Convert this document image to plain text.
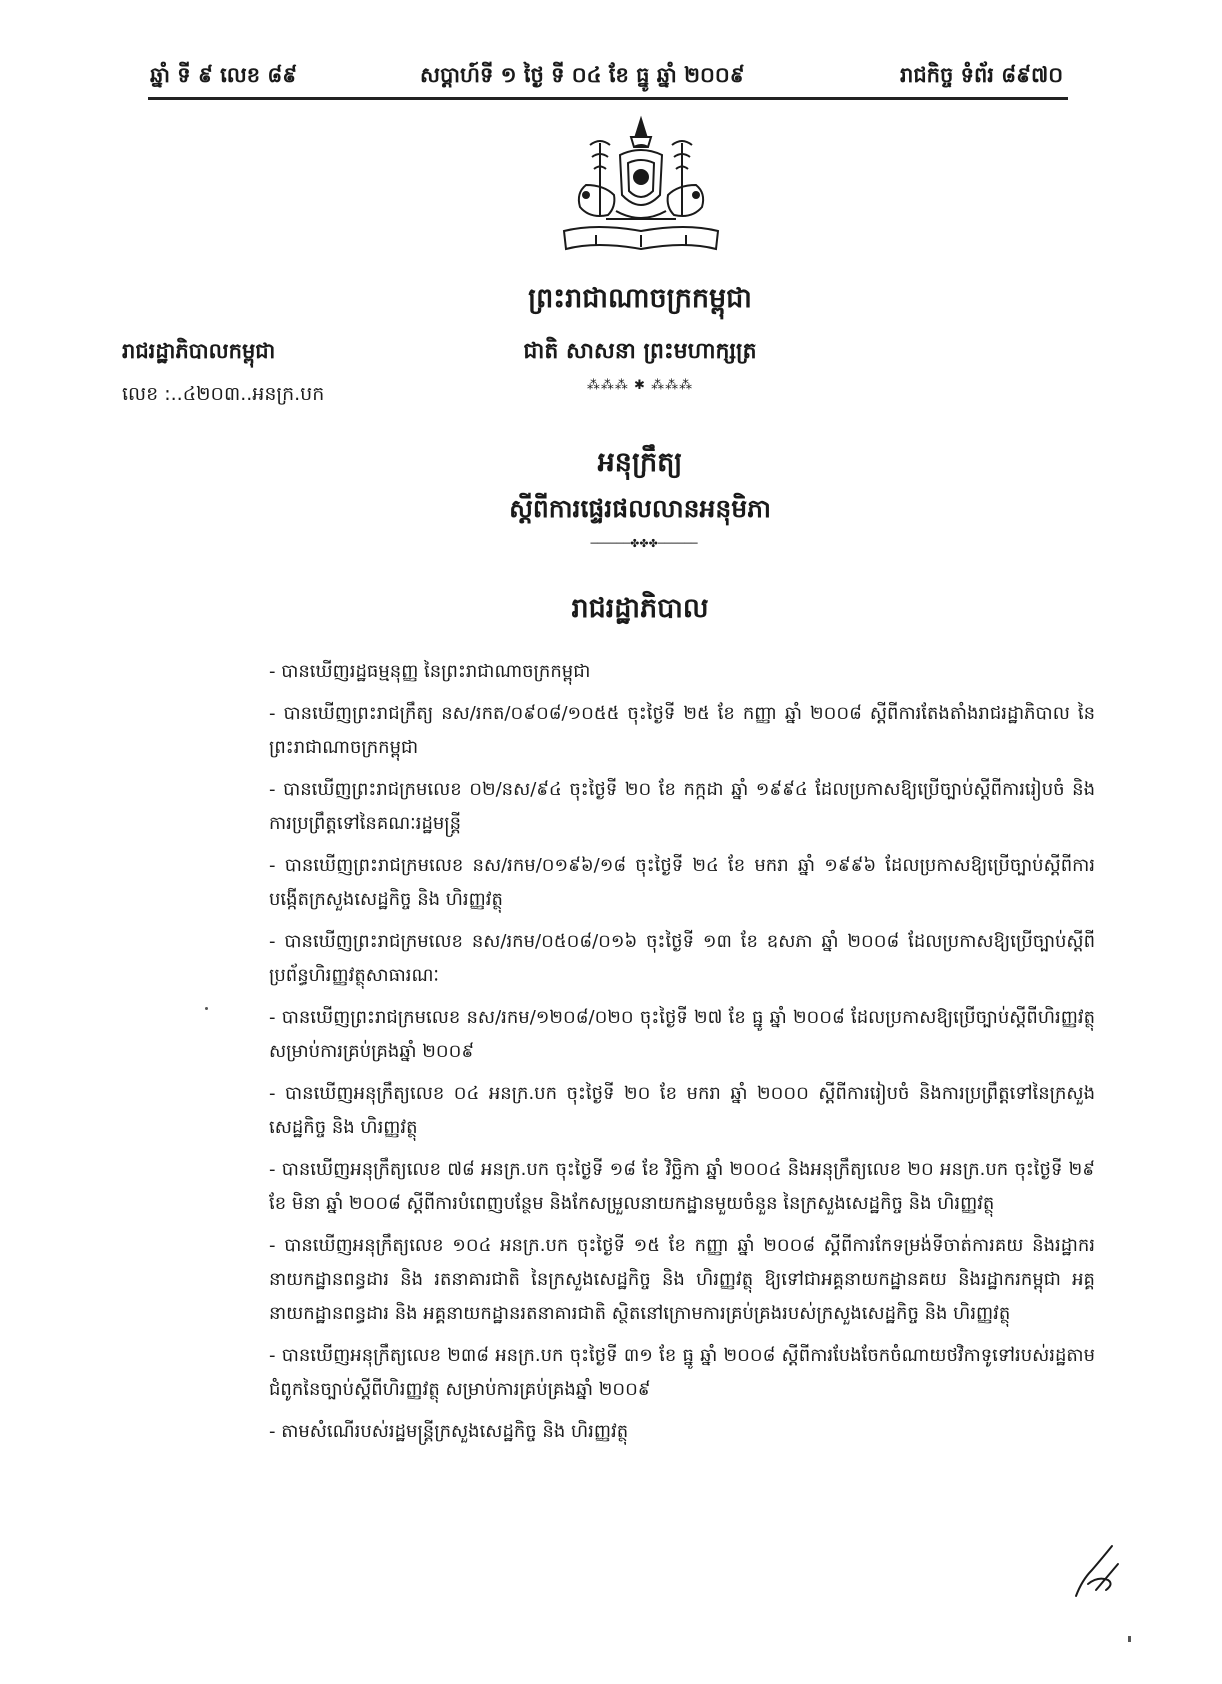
ឆ្នាំ ទី ៩ លេខ ៨៩	សប្ដាហ៍ទី ១ ថ្ងៃ ទី ០៤ ខែ ធ្នូ ឆ្នាំ ២០០៩	រាជកិច្ច ទំព័រ ៨៩៧០
ព្រះរាជាណាចក្រកម្ពុជា
ជាតិ សាសនា ព្រះមហាក្សត្រ
⁂⁂⁂ ✱ ⁂⁂⁂
រាជរដ្ឋាភិបាលកម្ពុជា
លេខ :..៤២០៣..អនក្រ.បក
អនុក្រឹត្យ
ស្ដីពីការផ្ទេរផលលានអនុមិភា
──────✤✤✤──────
រាជរដ្ឋាភិបាល
- បានឃើញរដ្ឋធម្មនុញ្ញ នៃព្រះរាជាណាចក្រកម្ពុជា
- បានឃើញព្រះរាជក្រឹត្យ នស/រកត/០៩០៨/១០៥៥ ចុះថ្ងៃទី ២៥ ខែ កញ្ញា ឆ្នាំ ២០០៨ ស្ដីពីការតែងតាំងរាជរដ្ឋាភិបាល នៃព្រះរាជាណាចក្រកម្ពុជា
- បានឃើញព្រះរាជក្រមលេខ ០២/នស/៩៤ ចុះថ្ងៃទី ២០ ខែ កក្កដា ឆ្នាំ ១៩៩៤ ដែលប្រកាសឱ្យប្រើច្បាប់ស្ដីពីការរៀបចំ និងការប្រព្រឹត្តទៅនៃគណៈរដ្ឋមន្ត្រី
- បានឃើញព្រះរាជក្រមលេខ នស/រកម/០១៩៦/១៨ ចុះថ្ងៃទី ២៤ ខែ មករា ឆ្នាំ ១៩៩៦ ដែលប្រកាសឱ្យប្រើច្បាប់ស្ដីពីការបង្កើតក្រសួងសេដ្ឋកិច្ច និង ហិរញ្ញវត្ថុ
- បានឃើញព្រះរាជក្រមលេខ នស/រកម/០៥០៨/០១៦ ចុះថ្ងៃទី ១៣ ខែ ឧសភា ឆ្នាំ ២០០៨ ដែលប្រកាសឱ្យប្រើច្បាប់ស្ដីពីប្រព័ន្ធហិរញ្ញវត្ថុសាធារណៈ
- បានឃើញព្រះរាជក្រមលេខ នស/រកម/១២០៨/០២០ ចុះថ្ងៃទី ២៧ ខែ ធ្នូ ឆ្នាំ ២០០៨ ដែលប្រកាសឱ្យប្រើច្បាប់ស្ដីពីហិរញ្ញវត្ថុ សម្រាប់ការគ្រប់គ្រងឆ្នាំ ២០០៩
- បានឃើញអនុក្រឹត្យលេខ ០៤ អនក្រ.បក ចុះថ្ងៃទី ២០ ខែ មករា ឆ្នាំ ២០០០ ស្ដីពីការរៀបចំ និងការប្រព្រឹត្តទៅនៃក្រសួងសេដ្ឋកិច្ច និង ហិរញ្ញវត្ថុ
- បានឃើញអនុក្រឹត្យលេខ ៧៨ អនក្រ.បក ចុះថ្ងៃទី ១៨ ខែ វិច្ឆិកា ឆ្នាំ ២០០៤ និងអនុក្រឹត្យលេខ ២០ អនក្រ.បក ចុះថ្ងៃទី ២៩ ខែ មិនា ឆ្នាំ ២០០៨ ស្ដីពីការបំពេញបន្ថែម និងកែសម្រួលនាយកដ្ឋានមួយចំនួន នៃក្រសួងសេដ្ឋកិច្ច និង ហិរញ្ញវត្ថុ
- បានឃើញអនុក្រឹត្យលេខ ១០៤ អនក្រ.បក ចុះថ្ងៃទី ១៥ ខែ កញ្ញា ឆ្នាំ ២០០៨ ស្ដីពីការកែទម្រង់ទីចាត់ការគយ និងរដ្ឋាករ នាយកដ្ឋានពន្ធដារ និង រតនាគារជាតិ នៃក្រសួងសេដ្ឋកិច្ច និង ហិរញ្ញវត្ថុ ឱ្យទៅជាអគ្គនាយកដ្ឋានគយ និងរដ្ឋាករកម្ពុជា អគ្គនាយកដ្ឋានពន្ធដារ និង អគ្គនាយកដ្ឋានរតនាគារជាតិ ស្ថិតនៅក្រោមការគ្រប់គ្រងរបស់ក្រសួងសេដ្ឋកិច្ច និង ហិរញ្ញវត្ថុ
- បានឃើញអនុក្រឹត្យលេខ ២៣៨ អនក្រ.បក ចុះថ្ងៃទី ៣១ ខែ ធ្នូ ឆ្នាំ ២០០៨ ស្ដីពីការបែងចែកចំណាយថវិកាទូទៅរបស់រដ្ឋតាមជំពូកនៃច្បាប់ស្ដីពីហិរញ្ញវត្ថុ សម្រាប់ការគ្រប់គ្រងឆ្នាំ ២០០៩
- តាមសំណើរបស់រដ្ឋមន្ត្រីក្រសួងសេដ្ឋកិច្ច និង ហិរញ្ញវត្ថុ
